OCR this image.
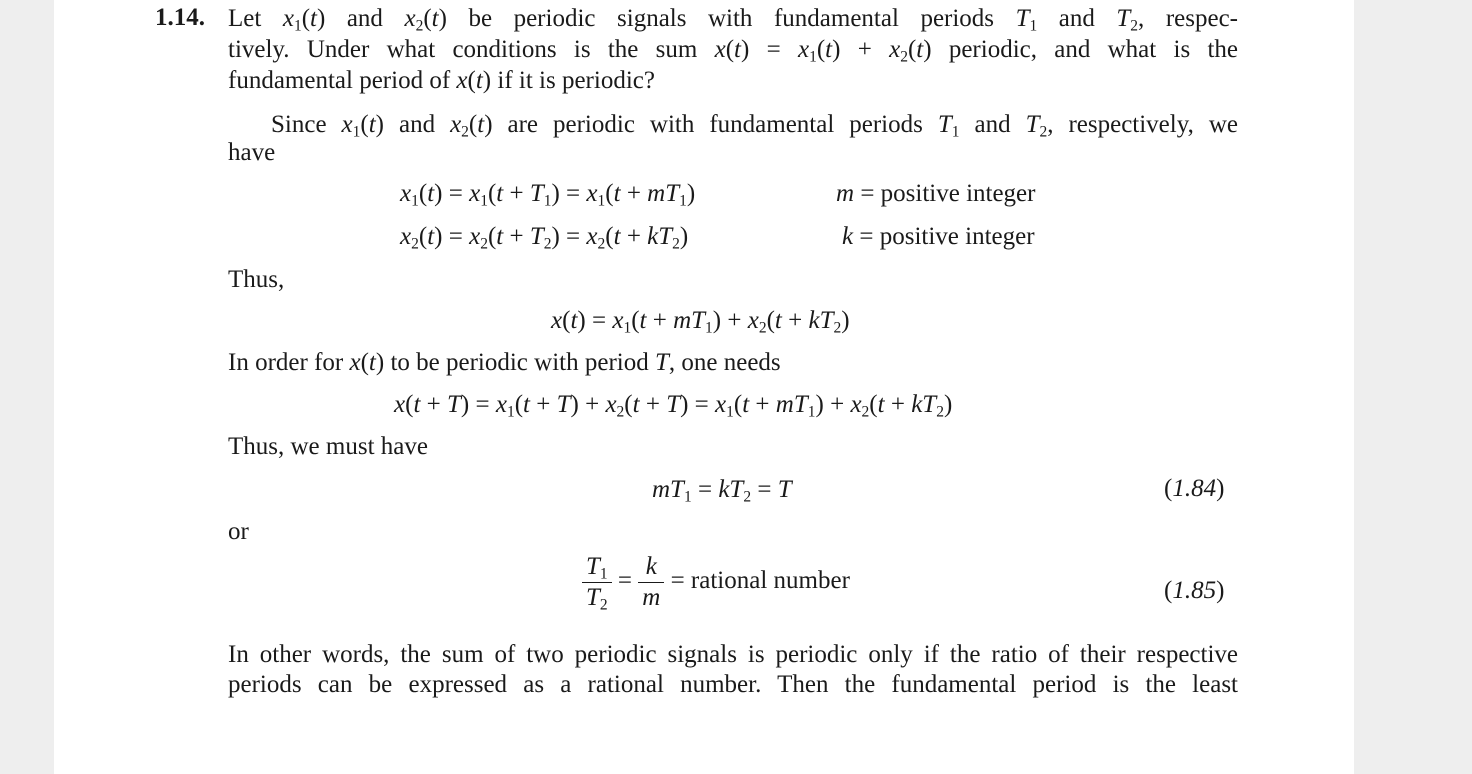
1.14. Let $x_1(t)$ and $x_2(t)$ be periodic signals with fundamental periods $T_1$ and $T_2$, respec-
tively. Under what conditions is the sum $x(t) = x_1(t) + x_2(t)$ periodic, and what is the
fundamental period of x(t) if it is periodic?
Since $x_1(t)$ and $x_2(t)$ are periodic with fundamental periods $T_1$ and $T_2$, respectively, we
have
$x_1(t) = x_1(t + T_1) = x_1(t + mT_1)$	m = positive integer
$x_2(t) = x_2(t + T_2) = x_2(t + kT_2)$	k = positive integer
Thus,
$x(t) = x_1(t + mT_1) + x_2(t + kT_2)$
In order for x(t) to be periodic with period T, one needs
$x(t + T) = x_1(t + T) + x_2(t + T) = x_1(t + mT_1) + x_2(t + kT_2)$
Thus, we must have
$mT_1 = kT_2 = T$	(1.84)
or
$\frac{T_1}{T_2} = \frac{k}{m}$ = rational number	(1.85)
In other words, the sum of two periodic signals is periodic only if the ratio of their respective
periods can be expressed as a rational number. Then the fundamental period is the least
